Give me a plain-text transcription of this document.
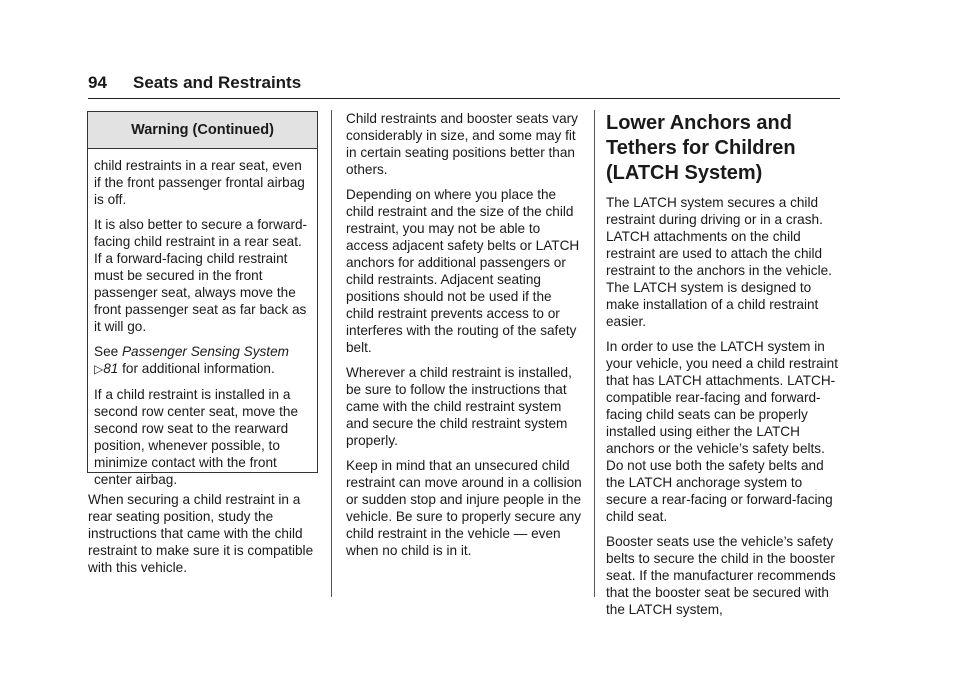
94 Seats and Restraints
Warning (Continued)

child restraints in a rear seat, even if the front passenger frontal airbag is off.

It is also better to secure a forward-facing child restraint in a rear seat. If a forward-facing child restraint must be secured in the front passenger seat, always move the front passenger seat as far back as it will go.

See Passenger Sensing System
▷81 for additional information.

If a child restraint is installed in a second row center seat, move the second row seat to the rearward position, whenever possible, to minimize contact with the front center airbag.

When securing a child restraint in a rear seating position, study the instructions that came with the child restraint to make sure it is compatible with this vehicle.

Child restraints and booster seats vary considerably in size, and some may fit in certain seating positions better than others.

Depending on where you place the child restraint and the size of the child restraint, you may not be able to access adjacent safety belts or LATCH anchors for additional passengers or child restraints. Adjacent seating positions should not be used if the child restraint prevents access to or interferes with the routing of the safety belt.

Wherever a child restraint is installed, be sure to follow the instructions that came with the child restraint system and secure the child restraint system properly.

Keep in mind that an unsecured child restraint can move around in a collision or sudden stop and injure people in the vehicle. Be sure to properly secure any child restraint in the vehicle — even when no child is in it.

Lower Anchors and Tethers for Children (LATCH System)

The LATCH system secures a child restraint during driving or in a crash. LATCH attachments on the child restraint are used to attach the child restraint to the anchors in the vehicle. The LATCH system is designed to make installation of a child restraint easier.

In order to use the LATCH system in your vehicle, you need a child restraint that has LATCH attachments. LATCH-compatible rear-facing and forward-facing child seats can be properly installed using either the LATCH anchors or the vehicle’s safety belts. Do not use both the safety belts and the LATCH anchorage system to secure a rear-facing or forward-facing child seat.

Booster seats use the vehicle’s safety belts to secure the child in the booster seat. If the manufacturer recommends that the booster seat be secured with the LATCH system,
